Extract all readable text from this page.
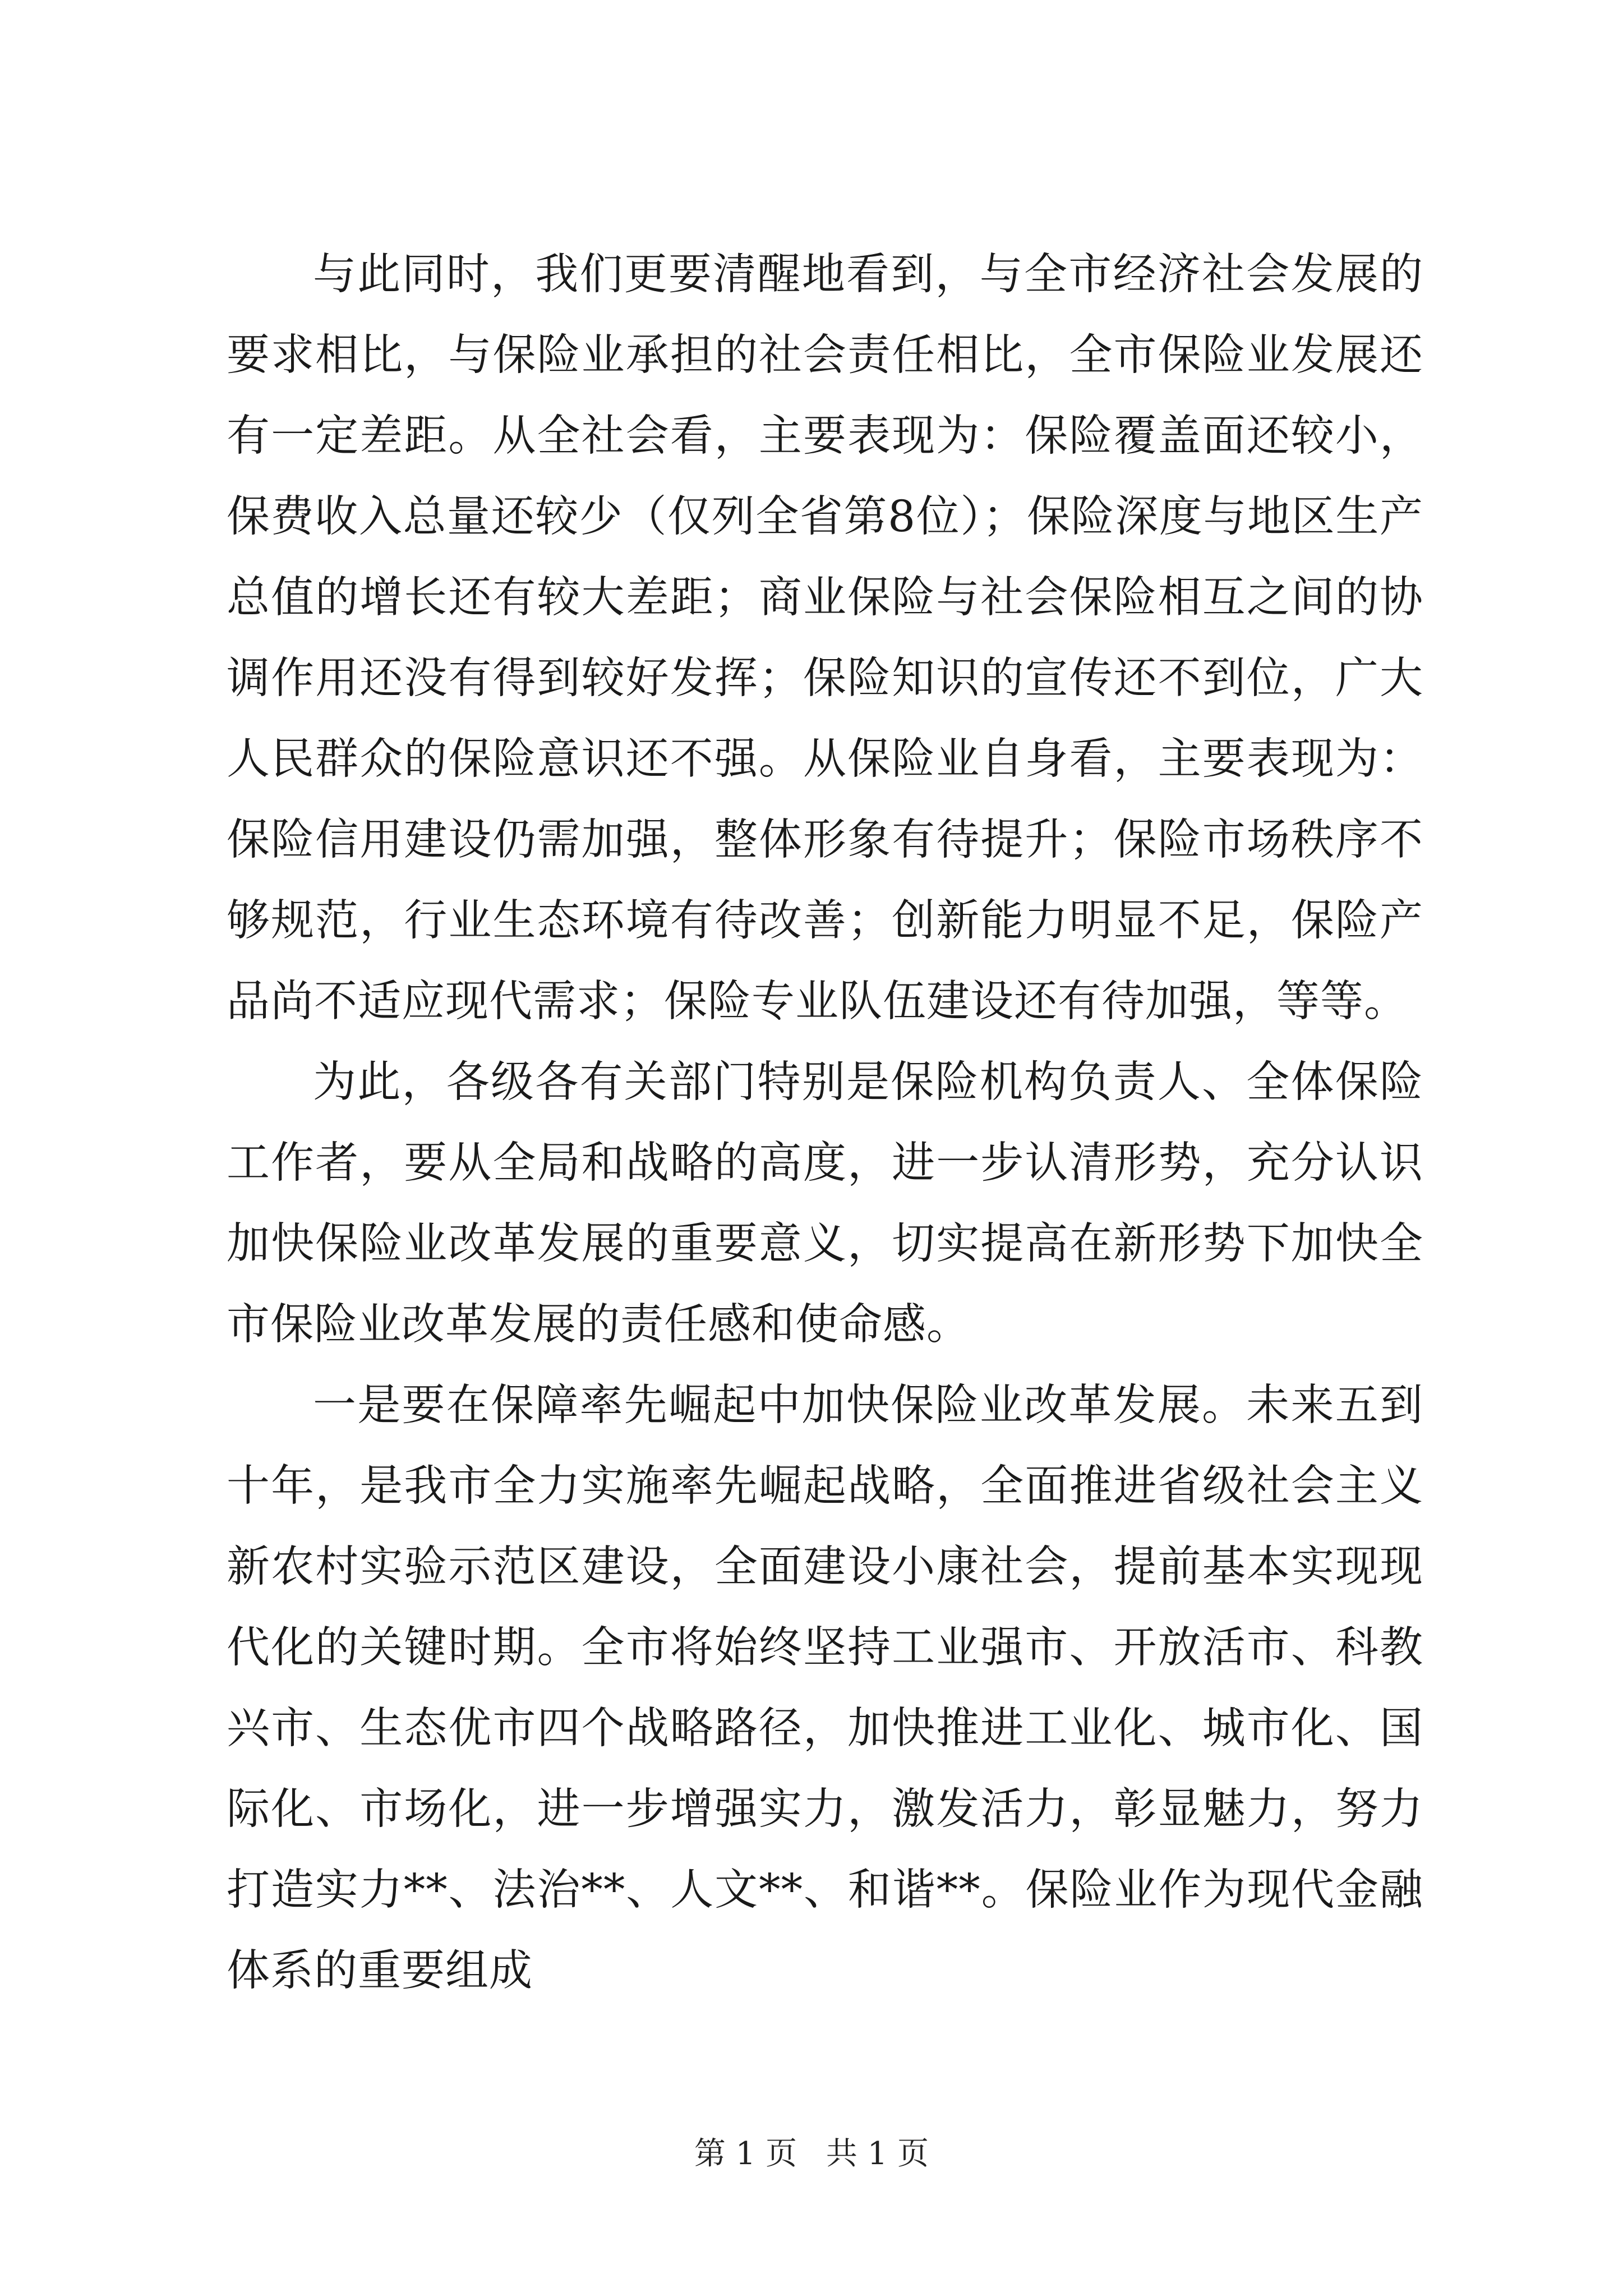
与此同时，我们更要清醒地看到，与全市经济社会发展的要求相比，与保险业承担的社会责任相比，全市保险业发展还有一定差距。从全社会看，主要表现为：保险覆盖面还较小，保费收入总量还较少（仅列全省第8位）；保险深度与地区生产总值的增长还有较大差距；商业保险与社会保险相互之间的协调作用还没有得到较好发挥；保险知识的宣传还不到位，广大人民群众的保险意识还不强。从保险业自身看，主要表现为：保险信用建设仍需加强，整体形象有待提升；保险市场秩序不够规范，行业生态环境有待改善；创新能力明显不足，保险产品尚不适应现代需求；保险专业队伍建设还有待加强，等等。

为此，各级各有关部门特别是保险机构负责人、全体保险工作者，要从全局和战略的高度，进一步认清形势，充分认识加快保险业改革发展的重要意义，切实提高在新形势下加快全市保险业改革发展的责任感和使命感。

一是要在保障率先崛起中加快保险业改革发展。未来五到十年，是我市全力实施率先崛起战略，全面推进省级社会主义新农村实验示范区建设，全面建设小康社会，提前基本实现现代化的关键时期。全市将始终坚持工业强市、开放活市、科教兴市、生态优市四个战略路径，加快推进工业化、城市化、国际化、市场化，进一步增强实力，激发活力，彰显魅力，努力打造实力**、法治**、人文**、和谐**。保险业作为现代金融体系的重要组成

第 1 页 共 1 页
